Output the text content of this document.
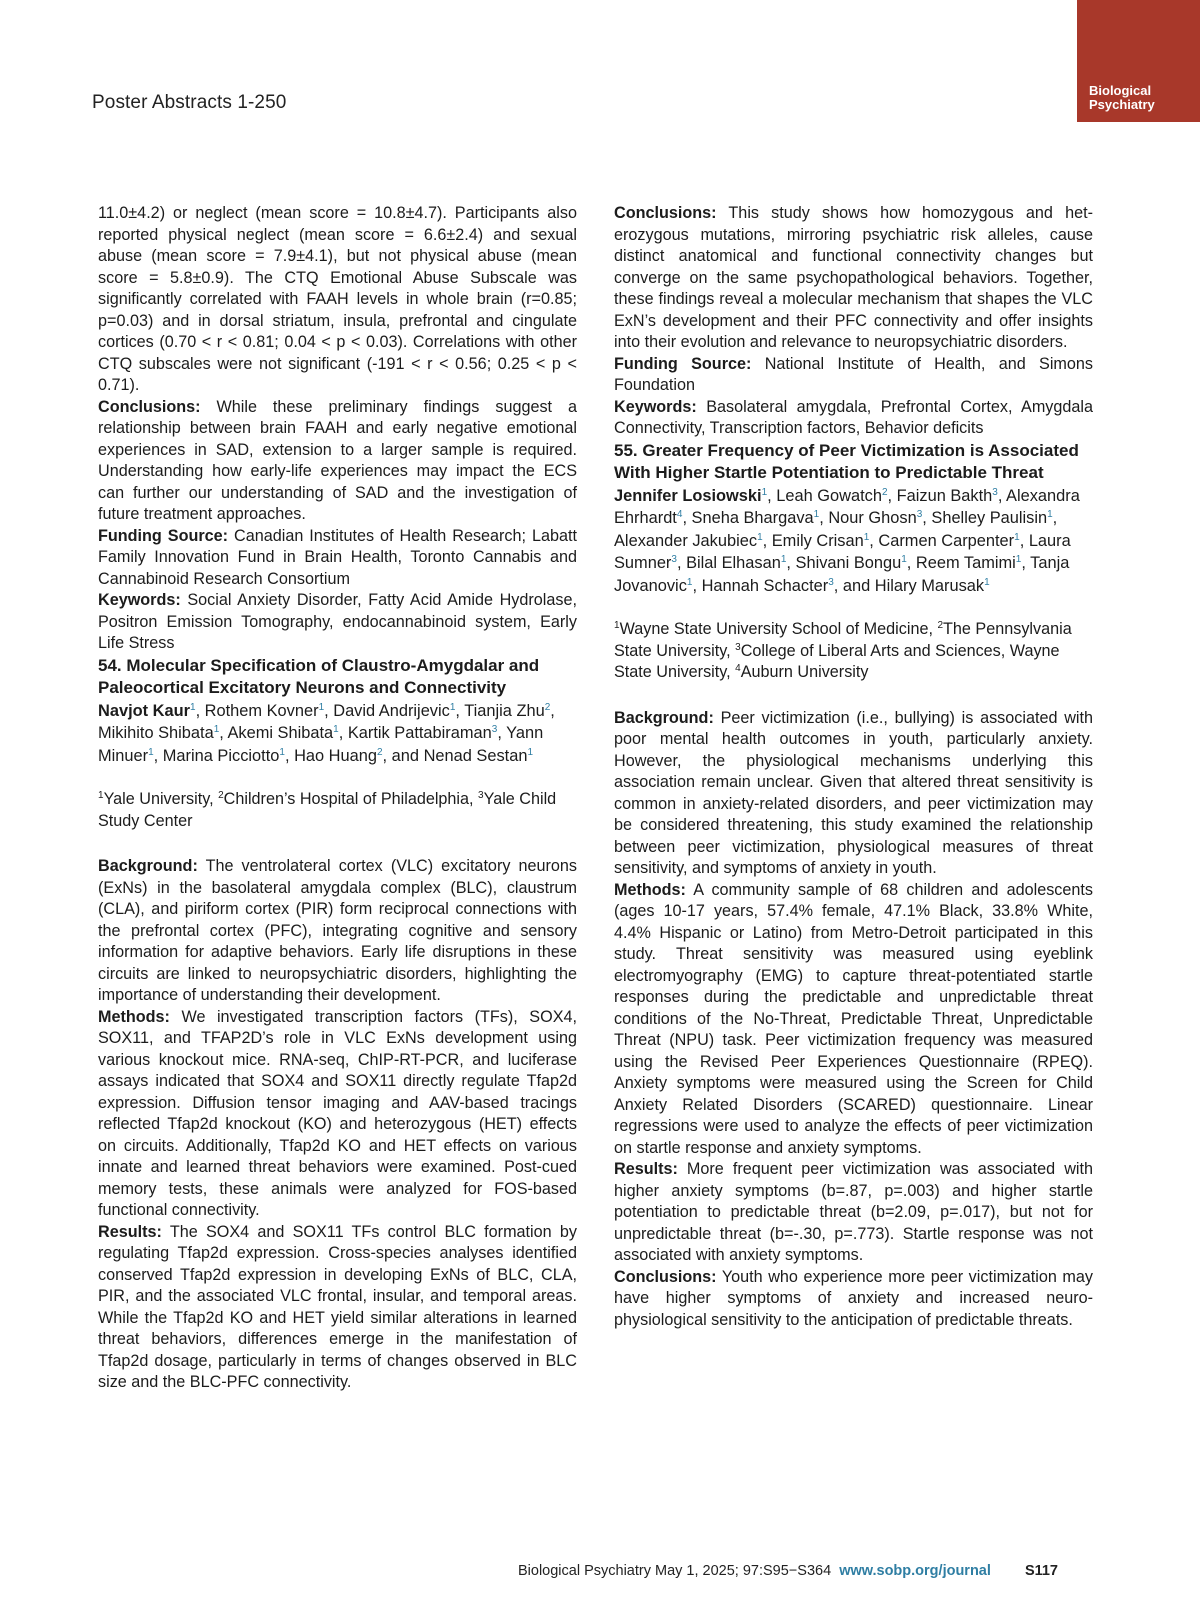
Poster Abstracts 1-250
Biological
Psychiatry

11.0±4.2) or neglect (mean score = 10.8±4.7). Participants also reported physical neglect (mean score = 6.6±2.4) and sexual abuse (mean score = 7.9±4.1), but not physical abuse (mean score = 5.8±0.9). The CTQ Emotional Abuse Subscale was significantly correlated with FAAH levels in whole brain (r=0.85; p=0.03) and in dorsal striatum, insula, prefrontal and cingulate cortices (0.70 < r < 0.81; 0.04 < p < 0.03). Correlations with other CTQ subscales were not significant (-191 < r < 0.56; 0.25 < p < 0.71).

Conclusions: While these preliminary findings suggest a relationship between brain FAAH and early negative emotional experiences in SAD, extension to a larger sample is required. Understanding how early-life experiences may impact the ECS can further our understanding of SAD and the investigation of future treatment approaches.

Funding Source: Canadian Institutes of Health Research; Labatt Family Innovation Fund in Brain Health, Toronto Cannabis and Cannabinoid Research Consortium

Keywords: Social Anxiety Disorder, Fatty Acid Amide Hydrolase, Positron Emission Tomography, endocannabinoid system, Early Life Stress

54. Molecular Specification of Claustro-Amygdalar and Paleocortical Excitatory Neurons and Connectivity

Navjot Kaur$^1$, Rothem Kovner$^1$, David Andrijevic$^1$, Tianjia Zhu$^2$, Mikihito Shibata$^1$, Akemi Shibata$^1$, Kartik Pattabiraman$^3$, Yann Minuer$^1$, Marina Picciotto$^1$, Hao Huang$^2$, and Nenad Sestan$^1$

$^1$Yale University, $^2$Children’s Hospital of Philadelphia, $^3$Yale Child Study Center

Background: The ventrolateral cortex (VLC) excitatory neurons (ExNs) in the basolateral amygdala complex (BLC), claustrum (CLA), and piriform cortex (PIR) form reciprocal connections with the prefrontal cortex (PFC), integrating cognitive and sensory information for adaptive behaviors. Early life disruptions in these circuits are linked to neuropsychiatric disorders, highlighting the importance of understanding their development.

Methods: We investigated transcription factors (TFs), SOX4, SOX11, and TFAP2D’s role in VLC ExNs development using various knockout mice. RNA-seq, ChIP-RT-PCR, and luciferase assays indicated that SOX4 and SOX11 directly regulate Tfap2d expression. Diffusion tensor imaging and AAV-based tracings reflected Tfap2d knockout (KO) and heterozygous (HET) effects on circuits. Additionally, Tfap2d KO and HET effects on various innate and learned threat behaviors were examined. Post-cued memory tests, these animals were analyzed for FOS-based functional connectivity.

Results: The SOX4 and SOX11 TFs control BLC formation by regulating Tfap2d expression. Cross-species analyses identified conserved Tfap2d expression in developing ExNs of BLC, CLA, PIR, and the associated VLC frontal, insular, and temporal areas. While the Tfap2d KO and HET yield similar alterations in learned threat behaviors, differences emerge in the manifestation of Tfap2d dosage, particularly in terms of changes observed in BLC size and the BLC-PFC connectivity.

Conclusions: This study shows how homozygous and heterozygous mutations, mirroring psychiatric risk alleles, cause distinct anatomical and functional connectivity changes but converge on the same psychopathological behaviors. Together, these findings reveal a molecular mechanism that shapes the VLC ExN’s development and their PFC connectivity and offer insights into their evolution and relevance to neuropsychiatric disorders.

Funding Source: National Institute of Health, and Simons Foundation

Keywords: Basolateral amygdala, Prefrontal Cortex, Amygdala Connectivity, Transcription factors, Behavior deficits

55. Greater Frequency of Peer Victimization is Associated With Higher Startle Potentiation to Predictable Threat

Jennifer Losiowski$^1$, Leah Gowatch$^2$, Faizun Bakth$^3$, Alexandra Ehrhardt$^4$, Sneha Bhargava$^1$, Nour Ghosn$^3$, Shelley Paulisin$^1$, Alexander Jakubiec$^1$, Emily Crisan$^1$, Carmen Carpenter$^1$, Laura Sumner$^3$, Bilal Elhasan$^1$, Shivani Bongu$^1$, Reem Tamimi$^1$, Tanja Jovanovic$^1$, Hannah Schacter$^3$, and Hilary Marusak$^1$

$^1$Wayne State University School of Medicine, $^2$The Pennsylvania State University, $^3$College of Liberal Arts and Sciences, Wayne State University, $^4$Auburn University

Background: Peer victimization (i.e., bullying) is associated with poor mental health outcomes in youth, particularly anxiety. However, the physiological mechanisms underlying this association remain unclear. Given that altered threat sensitivity is common in anxiety-related disorders, and peer victimization may be considered threatening, this study examined the relationship between peer victimization, physiological measures of threat sensitivity, and symptoms of anxiety in youth.

Methods: A community sample of 68 children and adolescents (ages 10-17 years, 57.4% female, 47.1% Black, 33.8% White, 4.4% Hispanic or Latino) from Metro-Detroit participated in this study. Threat sensitivity was measured using eyeblink electromyography (EMG) to capture threat-potentiated startle responses during the predictable and unpredictable threat conditions of the No-Threat, Predictable Threat, Unpredictable Threat (NPU) task. Peer victimization frequency was measured using the Revised Peer Experiences Questionnaire (RPEQ). Anxiety symptoms were measured using the Screen for Child Anxiety Related Disorders (SCARED) questionnaire. Linear regressions were used to analyze the effects of peer victimization on startle response and anxiety symptoms.

Results: More frequent peer victimization was associated with higher anxiety symptoms (b=.87, p=.003) and higher startle potentiation to predictable threat (b=2.09, p=.017), but not for unpredictable threat (b=-.30, p=.773). Startle response was not associated with anxiety symptoms.

Conclusions: Youth who experience more peer victimization may have higher symptoms of anxiety and increased neurophysiological sensitivity to the anticipation of predictable threats.

Biological Psychiatry May 1, 2025; 97:S95−S364 www.sobp.org/journal S117
